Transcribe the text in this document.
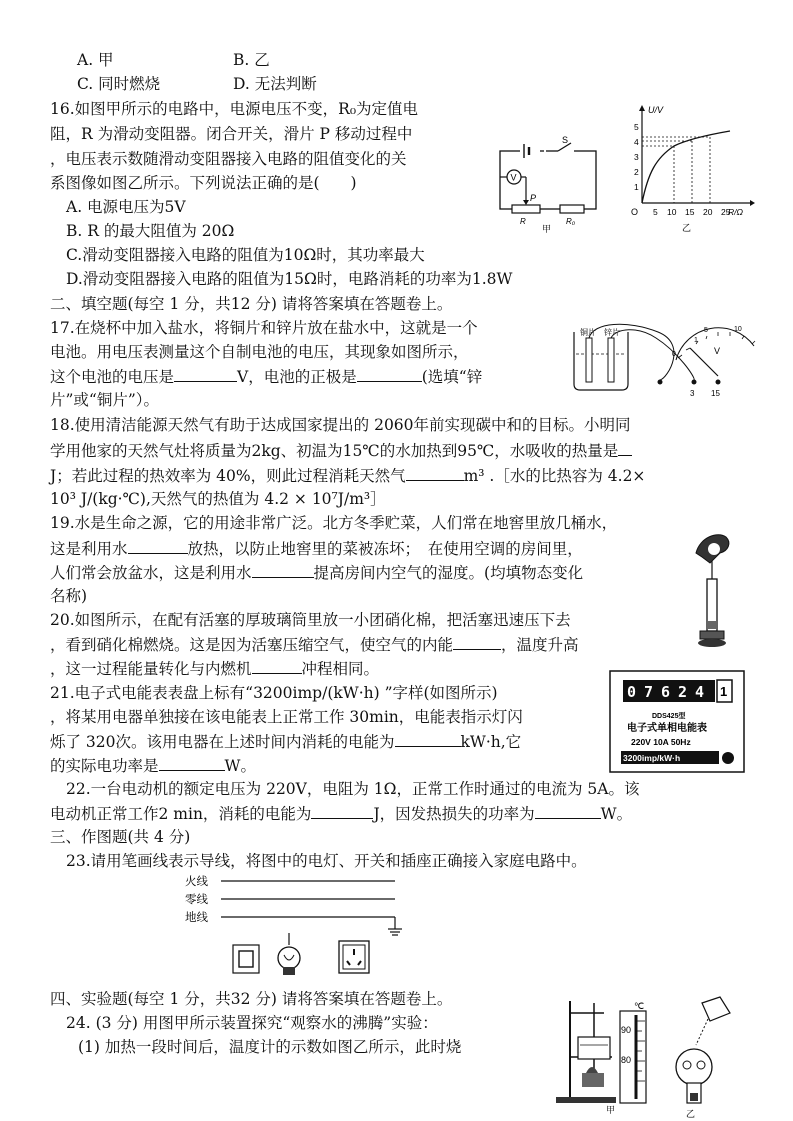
A. 甲	B. 乙
C. 同时燃烧	D. 无法判断
16.如图甲所示的电路中，电源电压不变，R₀为定值电
阻，R 为滑动变阻器。闭合开关，滑片 P 移动过程中
，电压表示数随滑动变阻器接入电路的阻值变化的关
系图像如图乙所示。下列说法正确的是(　　)
A. 电源电压为5V
B. R 的最大阻值为 20Ω
C.滑动变阻器接入电路的阻值为10Ω时，其功率最大
D.滑动变阻器接入电路的阻值为15Ω时，电路消耗的功率为1.8W
二、填空题(每空 1 分，共12 分) 请将答案填在答题卷上。
17.在烧杯中加入盐水，将铜片和锌片放在盐水中，这就是一个
电池。用电压表测量这个自制电池的电压，其现象如图所示，
这个电池的电压是	V，电池的正极是	(选填“锌
片”或“铜片”）。
18.使用清洁能源天然气有助于达成国家提出的 2060年前实现碳中和的目标。小明同
学用他家的天然气灶将质量为2kg、初温为15℃的水加热到95℃，水吸收的热量是
J；若此过程的热效率为 40%，则此过程消耗天然气	m³ .［水的比热容为 4.2×
10³ J/(kg·℃),天然气的热值为 4.2 × 10⁷J/m³］
19.水是生命之源，它的用途非常广泛。北方冬季贮菜，人们常在地窖里放几桶水，
这是利用水	放热，以防止地窖里的菜被冻坏；　在使用空调的房间里，
人们常会放盆水，这是利用水	提高房间内空气的湿度。(均填物态变化
名称)
20.如图所示，在配有活塞的厚玻璃筒里放一小团硝化棉，把活塞迅速压下去
，看到硝化棉燃烧。这是因为活塞压缩空气，使空气的内能	，温度升高
，这一过程能量转化与内燃机	冲程相同。
21.电子式电能表表盘上标有“3200imp/(kW·h) ”字样(如图所示)
，将某用电器单独接在该电能表上正常工作 30min，电能表指示灯闪
烁了 320次。该用电器在上述时间内消耗的电能为	kW·h,它
的实际电功率是	W。
22.一台电动机的额定电压为 220V，电阻为 1Ω，正常工作时通过的电流为 5A。该
电动机正常工作2 min，消耗的电能为	J，因发热损失的功率为	W。
三、作图题(共 4 分)
23.请用笔画线表示导线，将图中的电灯、开关和插座正确接入家庭电路中。
四、实验题(每空 1 分，共32 分) 请将答案填在答题卷上。
24. (3 分) 用图甲所示装置探究“观察水的沸腾”实验：
(1) 加热一段时间后，温度计的示数如图乙所示，此时烧
S
V
P
R	R₀
甲
U/V
R/Ω
O
1
2
3
4
5
5 10 15 20 25
乙
铜片 锌片
0
5	10
1
V
3 15
0 7 6 2 4 1
DDS425型
电子式单相电能表
220V 10A 50Hz
3200imp/kW·h
火线
零线
地线
甲
90
80
℃
乙
